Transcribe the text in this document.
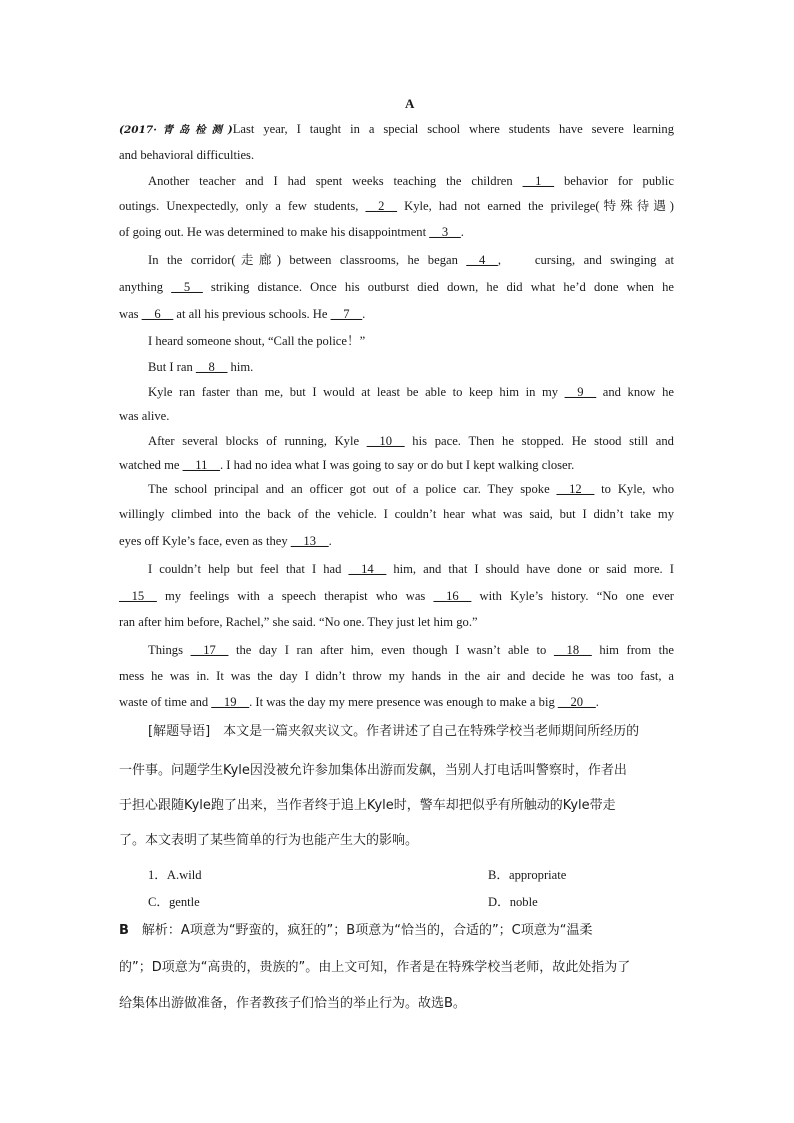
A
(2017·青岛检测)Last year, I taught in a special school where students have severe learning
and behavioral difficulties.
Another teacher and I had spent weeks teaching the children __1__ behavior for public
outings. Unexpectedly, only a few students, __2__ Kyle, had not earned the privilege(特殊待遇)
of going out. He was determined to make his disappointment __3__.
In the corridor(走廊) between classrooms, he began __4__,    cursing, and swinging at
anything __5__ striking distance. Once his outburst died down, he did what he’d done when he
was __6__ at all his previous schools. He __7__.
I heard someone shout, “Call the police！”
But I ran __8__ him.
Kyle ran faster than me, but I would at least be able to keep him in my __9__ and know he
was alive.
After several blocks of running, Kyle __10__ his pace. Then he stopped. He stood still and
watched me __11__. I had no idea what I was going to say or do but I kept walking closer.
The school principal and an officer got out of a police car. They spoke __12__ to Kyle, who
willingly climbed into the back of the vehicle. I couldn’t hear what was said, but I didn’t take my
eyes off Kyle’s face, even as they __13__.
I couldn’t help but feel that I had __14__ him, and that I should have done or said more. I
__15__ my feelings with a speech therapist who was __16__ with Kyle’s history. “No one ever
ran after him before, Rachel,” she said. “No one. They just let him go.”
Things __17__ the day I ran after him, even though I wasn’t able to __18__ him from the
mess he was in. It was the day I didn’t throw my hands in the air and decide he was too fast, a
waste of time and __19__. It was the day my mere presence was enough to make a big __20__.
[解题导语]　本文是一篇夹叙夹议文。作者讲述了自己在特殊学校当老师期间所经历的
一件事。问题学生Kyle因没被允许参加集体出游而发飙，当别人打电话叫警察时，作者出
于担心跟随Kyle跑了出来，当作者终于追上Kyle时，警车却把似乎有所触动的Kyle带走
了。本文表明了某些简单的行为也能产生大的影响。
1．A.wild	B．appropriate
C．gentle	D．noble
B　解析：A项意为“野蛮的，疯狂的”；B项意为“恰当的，合适的”；C项意为“温柔
的”；D项意为“高贵的，贵族的”。由上文可知，作者是在特殊学校当老师，故此处指为了
给集体出游做准备，作者教孩子们恰当的举止行为。故选B。
